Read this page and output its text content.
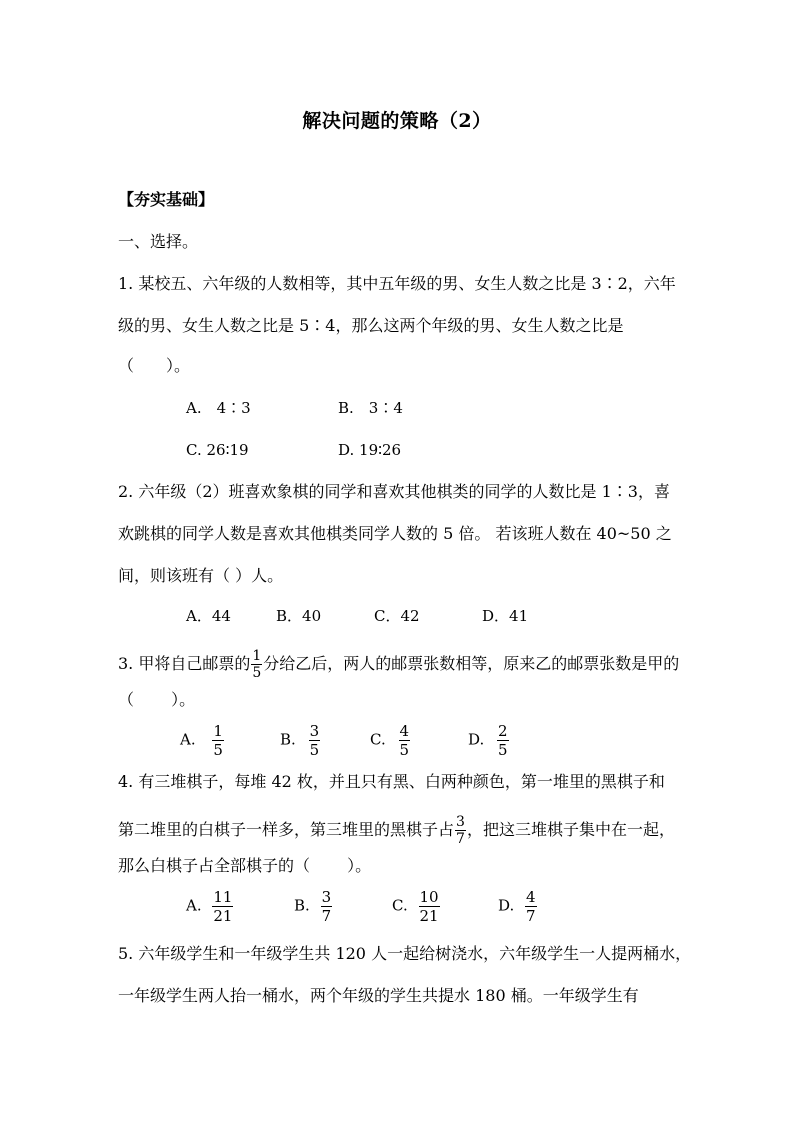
解决问题的策略（2）
【夯实基础】
一、选择。
1. 某校五、六年级的人数相等，其中五年级的男、女生人数之比是 3∶2，六年
级的男、女生人数之比是 5∶4，那么这两个年级的男、女生人数之比是
（　　）。
A.　4∶3	B.　3∶4
C. 26∶19	D. 19∶26
2. 六年级（2）班喜欢象棋的同学和喜欢其他棋类的同学的人数比是 1∶3，喜
欢跳棋的同学人数是喜欢其他棋类同学人数的 5 倍。 若该班人数在 40~50 之
间，则该班有（ ）人。
A．44	B．40	C．42	D．41
3. 甲将自己邮票的 $\frac{1}{5}$ 分给乙后，两人的邮票张数相等，原来乙的邮票张数是甲的
（　　 ）。
A. $\frac{1}{5}$	B. $\frac{3}{5}$	C. $\frac{4}{5}$	D. $\frac{2}{5}$
4. 有三堆棋子，每堆 42 枚，并且只有黑、白两种颜色，第一堆里的黑棋子和
第二堆里的白棋子一样多，第三堆里的黑棋子占 $\frac{3}{7}$ ，把这三堆棋子集中在一起，
那么白棋子占全部棋子的（　　 ）。
A. $\frac{11}{21}$	B. $\frac{3}{7}$	C. $\frac{10}{21}$	D. $\frac{4}{7}$
5. 六年级学生和一年级学生共 120 人一起给树浇水，六年级学生一人提两桶水，
一年级学生两人抬一桶水，两个年级的学生共提水 180 桶。一年级学生有
